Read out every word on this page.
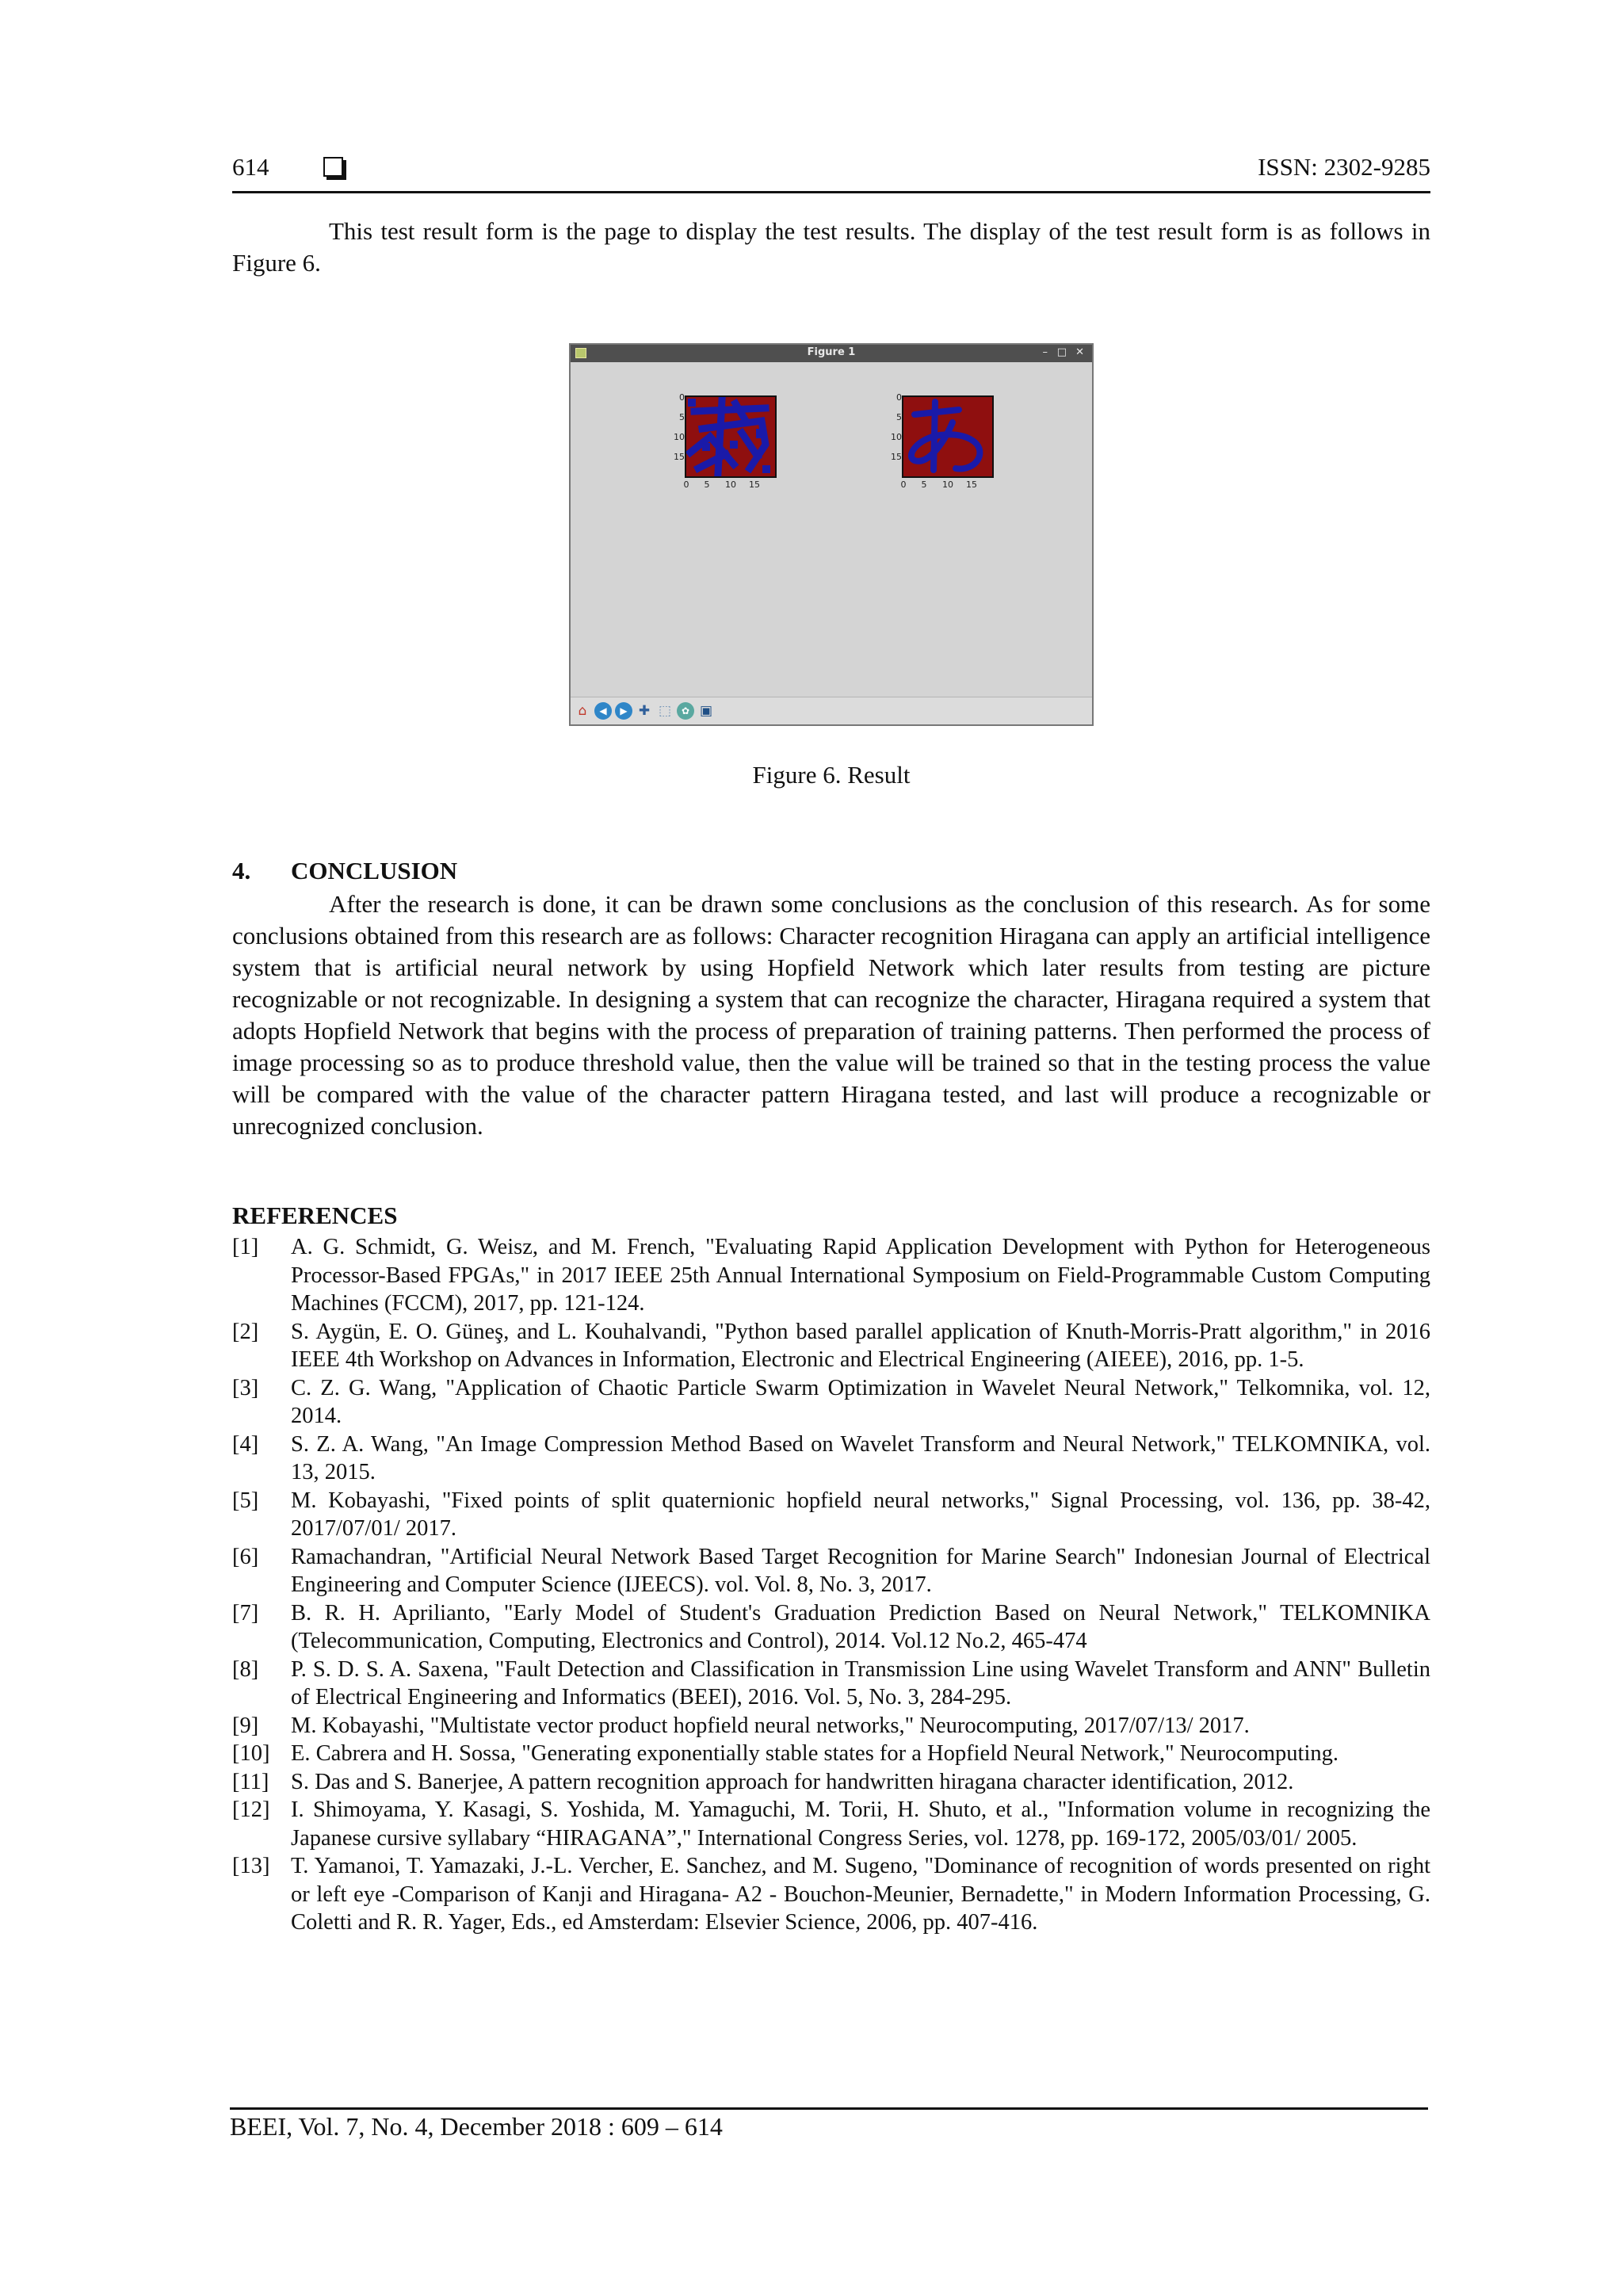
614	ISSN: 2302-9285
This test result form is the page to display the test results. The display of the test result form is as follows in Figure 6.
Figure 1	– □ ✕
0
5
10
15
0	5	10	15
0
5
10
15
0	5	10	15
⌂	◀	▶ ✚ ⬚	✿ ▣
Figure 6. Result
4. CONCLUSION
After the research is done, it can be drawn some conclusions as the conclusion of this research. As for some conclusions obtained from this research are as follows: Character recognition Hiragana can apply an artificial intelligence system that is artificial neural network by using Hopfield Network which later results from testing are picture recognizable or not recognizable. In designing a system that can recognize the character, Hiragana required a system that adopts Hopfield Network that begins with the process of preparation of training patterns. Then performed the process of image processing so as to produce threshold value, then the value will be trained so that in the testing process the value will be compared with the value of the character pattern Hiragana tested, and last will produce a recognizable or unrecognized conclusion.
REFERENCES
[1]	A. G. Schmidt, G. Weisz, and M. French, "Evaluating Rapid Application Development with Python for Heterogeneous Processor-Based FPGAs," in 2017 IEEE 25th Annual International Symposium on Field-Programmable Custom Computing Machines (FCCM), 2017, pp. 121-124.
[2]	S. Aygün, E. O. Güneş, and L. Kouhalvandi, "Python based parallel application of Knuth-Morris-Pratt algorithm," in 2016 IEEE 4th Workshop on Advances in Information, Electronic and Electrical Engineering (AIEEE), 2016, pp. 1-5.
[3]	C. Z. G. Wang, "Application of Chaotic Particle Swarm Optimization in Wavelet Neural Network," Telkomnika, vol. 12, 2014.
[4]	S. Z. A. Wang, "An Image Compression Method Based on Wavelet Transform and Neural Network," TELKOMNIKA, vol. 13, 2015.
[5]	M. Kobayashi, "Fixed points of split quaternionic hopfield neural networks," Signal Processing, vol. 136, pp. 38-42, 2017/07/01/ 2017.
[6]	Ramachandran, "Artificial Neural Network Based Target Recognition for Marine Search" Indonesian Journal of Electrical Engineering and Computer Science (IJEECS). vol. Vol. 8, No. 3, 2017.
[7]	B. R. H. Aprilianto, "Early Model of Student's Graduation Prediction Based on Neural Network," TELKOMNIKA (Telecommunication, Computing, Electronics and Control), 2014. Vol.12 No.2, 465-474
[8]	P. S. D. S. A. Saxena, "Fault Detection and Classification in Transmission Line using Wavelet Transform and ANN" Bulletin of Electrical Engineering and Informatics (BEEI), 2016. Vol. 5, No. 3, 284-295.
[9]	M. Kobayashi, "Multistate vector product hopfield neural networks," Neurocomputing, 2017/07/13/ 2017.
[10] E. Cabrera and H. Sossa, "Generating exponentially stable states for a Hopfield Neural Network," Neurocomputing.
[11] S. Das and S. Banerjee, A pattern recognition approach for handwritten hiragana character identification, 2012.
[12] I. Shimoyama, Y. Kasagi, S. Yoshida, M. Yamaguchi, M. Torii, H. Shuto, et al., "Information volume in recognizing the Japanese cursive syllabary “HIRAGANA”," International Congress Series, vol. 1278, pp. 169-172, 2005/03/01/ 2005.
[13] T. Yamanoi, T. Yamazaki, J.-L. Vercher, E. Sanchez, and M. Sugeno, "Dominance of recognition of words presented on right or left eye -Comparison of Kanji and Hiragana- A2 - Bouchon-Meunier, Bernadette," in Modern Information Processing, G. Coletti and R. R. Yager, Eds., ed Amsterdam: Elsevier Science, 2006, pp. 407-416.
BEEI, Vol. 7, No. 4, December 2018 : 609 – 614
